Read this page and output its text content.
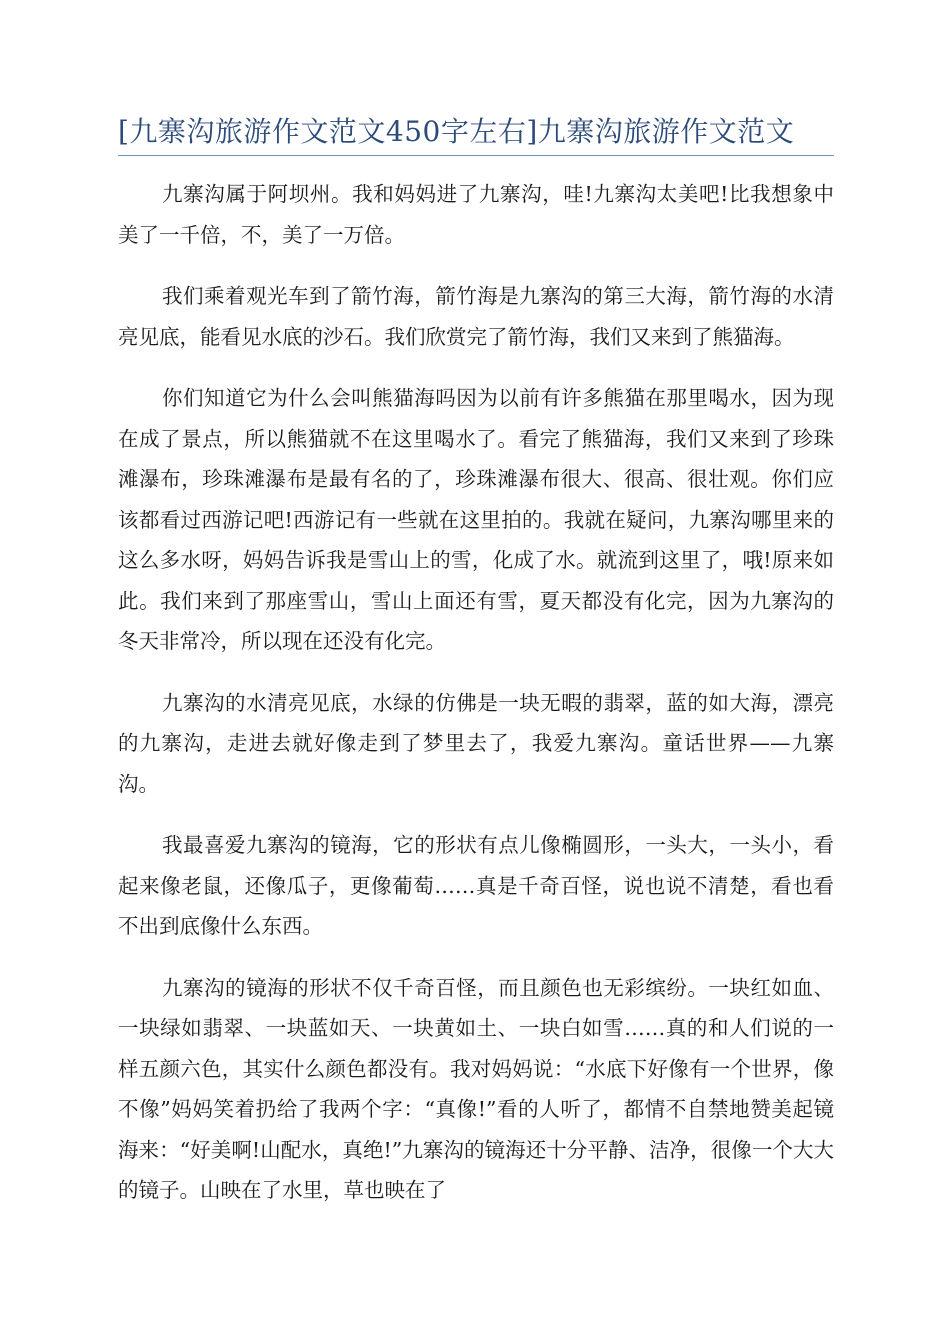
[九寨沟旅游作文范文450字左右]九寨沟旅游作文范文

九寨沟属于阿坝州。我和妈妈进了九寨沟，哇!九寨沟太美吧!比我想象中美了一千倍，不，美了一万倍。

我们乘着观光车到了箭竹海，箭竹海是九寨沟的第三大海，箭竹海的水清亮见底，能看见水底的沙石。我们欣赏完了箭竹海，我们又来到了熊猫海。

你们知道它为什么会叫熊猫海吗因为以前有许多熊猫在那里喝水，因为现在成了景点，所以熊猫就不在这里喝水了。看完了熊猫海，我们又来到了珍珠滩瀑布，珍珠滩瀑布是最有名的了，珍珠滩瀑布很大、很高、很壮观。你们应该都看过西游记吧!西游记有一些就在这里拍的。我就在疑问，九寨沟哪里来的这么多水呀，妈妈告诉我是雪山上的雪，化成了水。就流到这里了，哦!原来如此。我们来到了那座雪山，雪山上面还有雪，夏天都没有化完，因为九寨沟的冬天非常冷，所以现在还没有化完。

九寨沟的水清亮见底，水绿的仿佛是一块无暇的翡翠，蓝的如大海，漂亮的九寨沟，走进去就好像走到了梦里去了，我爱九寨沟。童话世界——九寨沟。

我最喜爱九寨沟的镜海，它的形状有点儿像椭圆形，一头大，一头小，看起来像老鼠，还像瓜子，更像葡萄……真是千奇百怪，说也说不清楚，看也看不出到底像什么东西。

九寨沟的镜海的形状不仅千奇百怪，而且颜色也无彩缤纷。一块红如血、一块绿如翡翠、一块蓝如天、一块黄如土、一块白如雪……真的和人们说的一样五颜六色，其实什么颜色都没有。我对妈妈说：“水底下好像有一个世界，像不像”妈妈笑着扔给了我两个字：“真像!”看的人听了，都情不自禁地赞美起镜海来：“好美啊!山配水，真绝!”九寨沟的镜海还十分平静、洁净，很像一个大大的镜子。山映在了水里，草也映在了
